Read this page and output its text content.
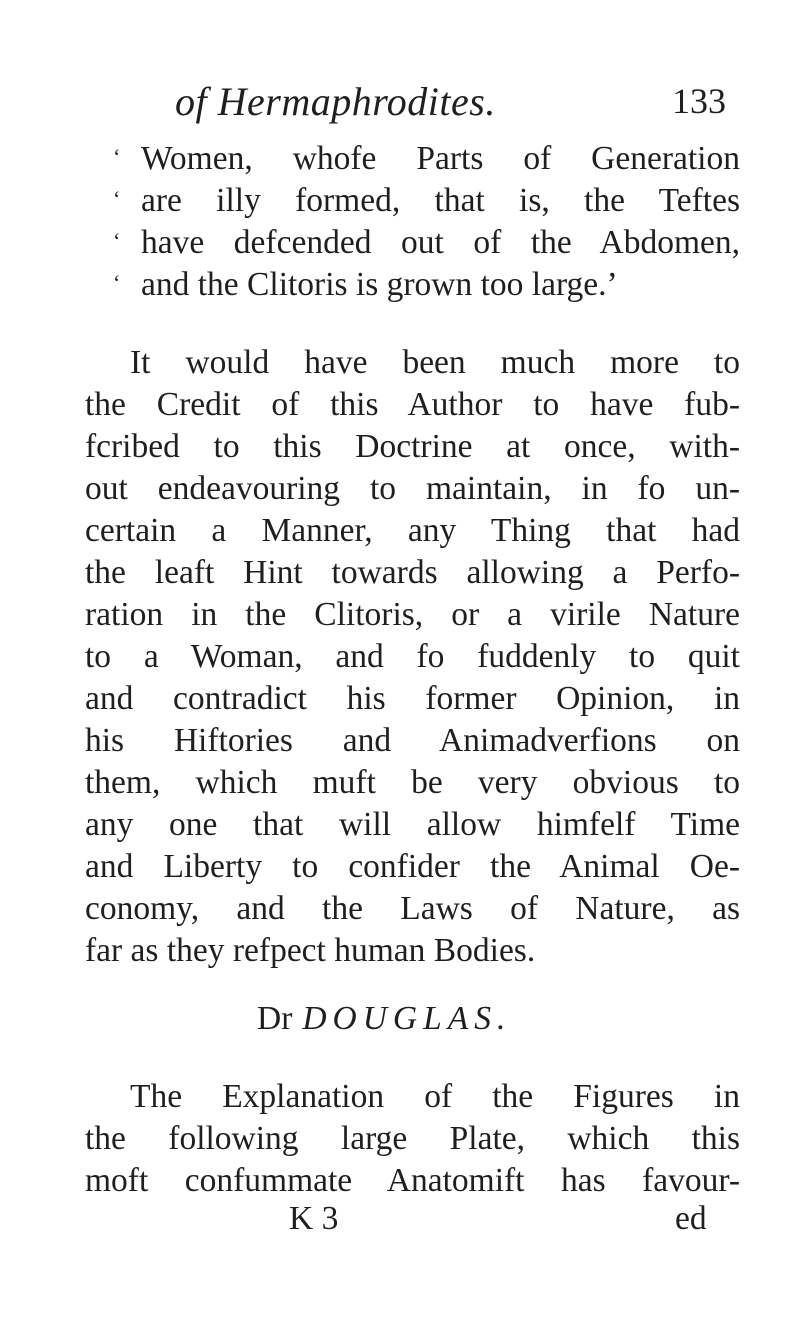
of Hermaphrodites.	133
‘ Women, whofe Parts of Generation
‘ are illy formed, that is, the Teftes
‘ have defcended out of the Abdomen,
‘ and the Clitoris is grown too large.’
It would have been much more to
the Credit of this Author to have fub-
fcribed to this Doctrine at once, with-
out endeavouring to maintain, in fo un-
certain a Manner, any Thing that had
the leaft Hint towards allowing a Perfo-
ration in the Clitoris, or a virile Nature
to a Woman, and fo fuddenly to quit
and contradict his former Opinion, in
his Hiftories and Animadverfions on
them, which muft be very obvious to
any one that will allow himfelf Time
and Liberty to confider the Animal Oe-
conomy, and the Laws of Nature, as
far as they refpect human Bodies.
Dr DOUGLAS.
The Explanation of the Figures in
the following large Plate, which this
moft confummate Anatomift has favour-
K 3	ed
